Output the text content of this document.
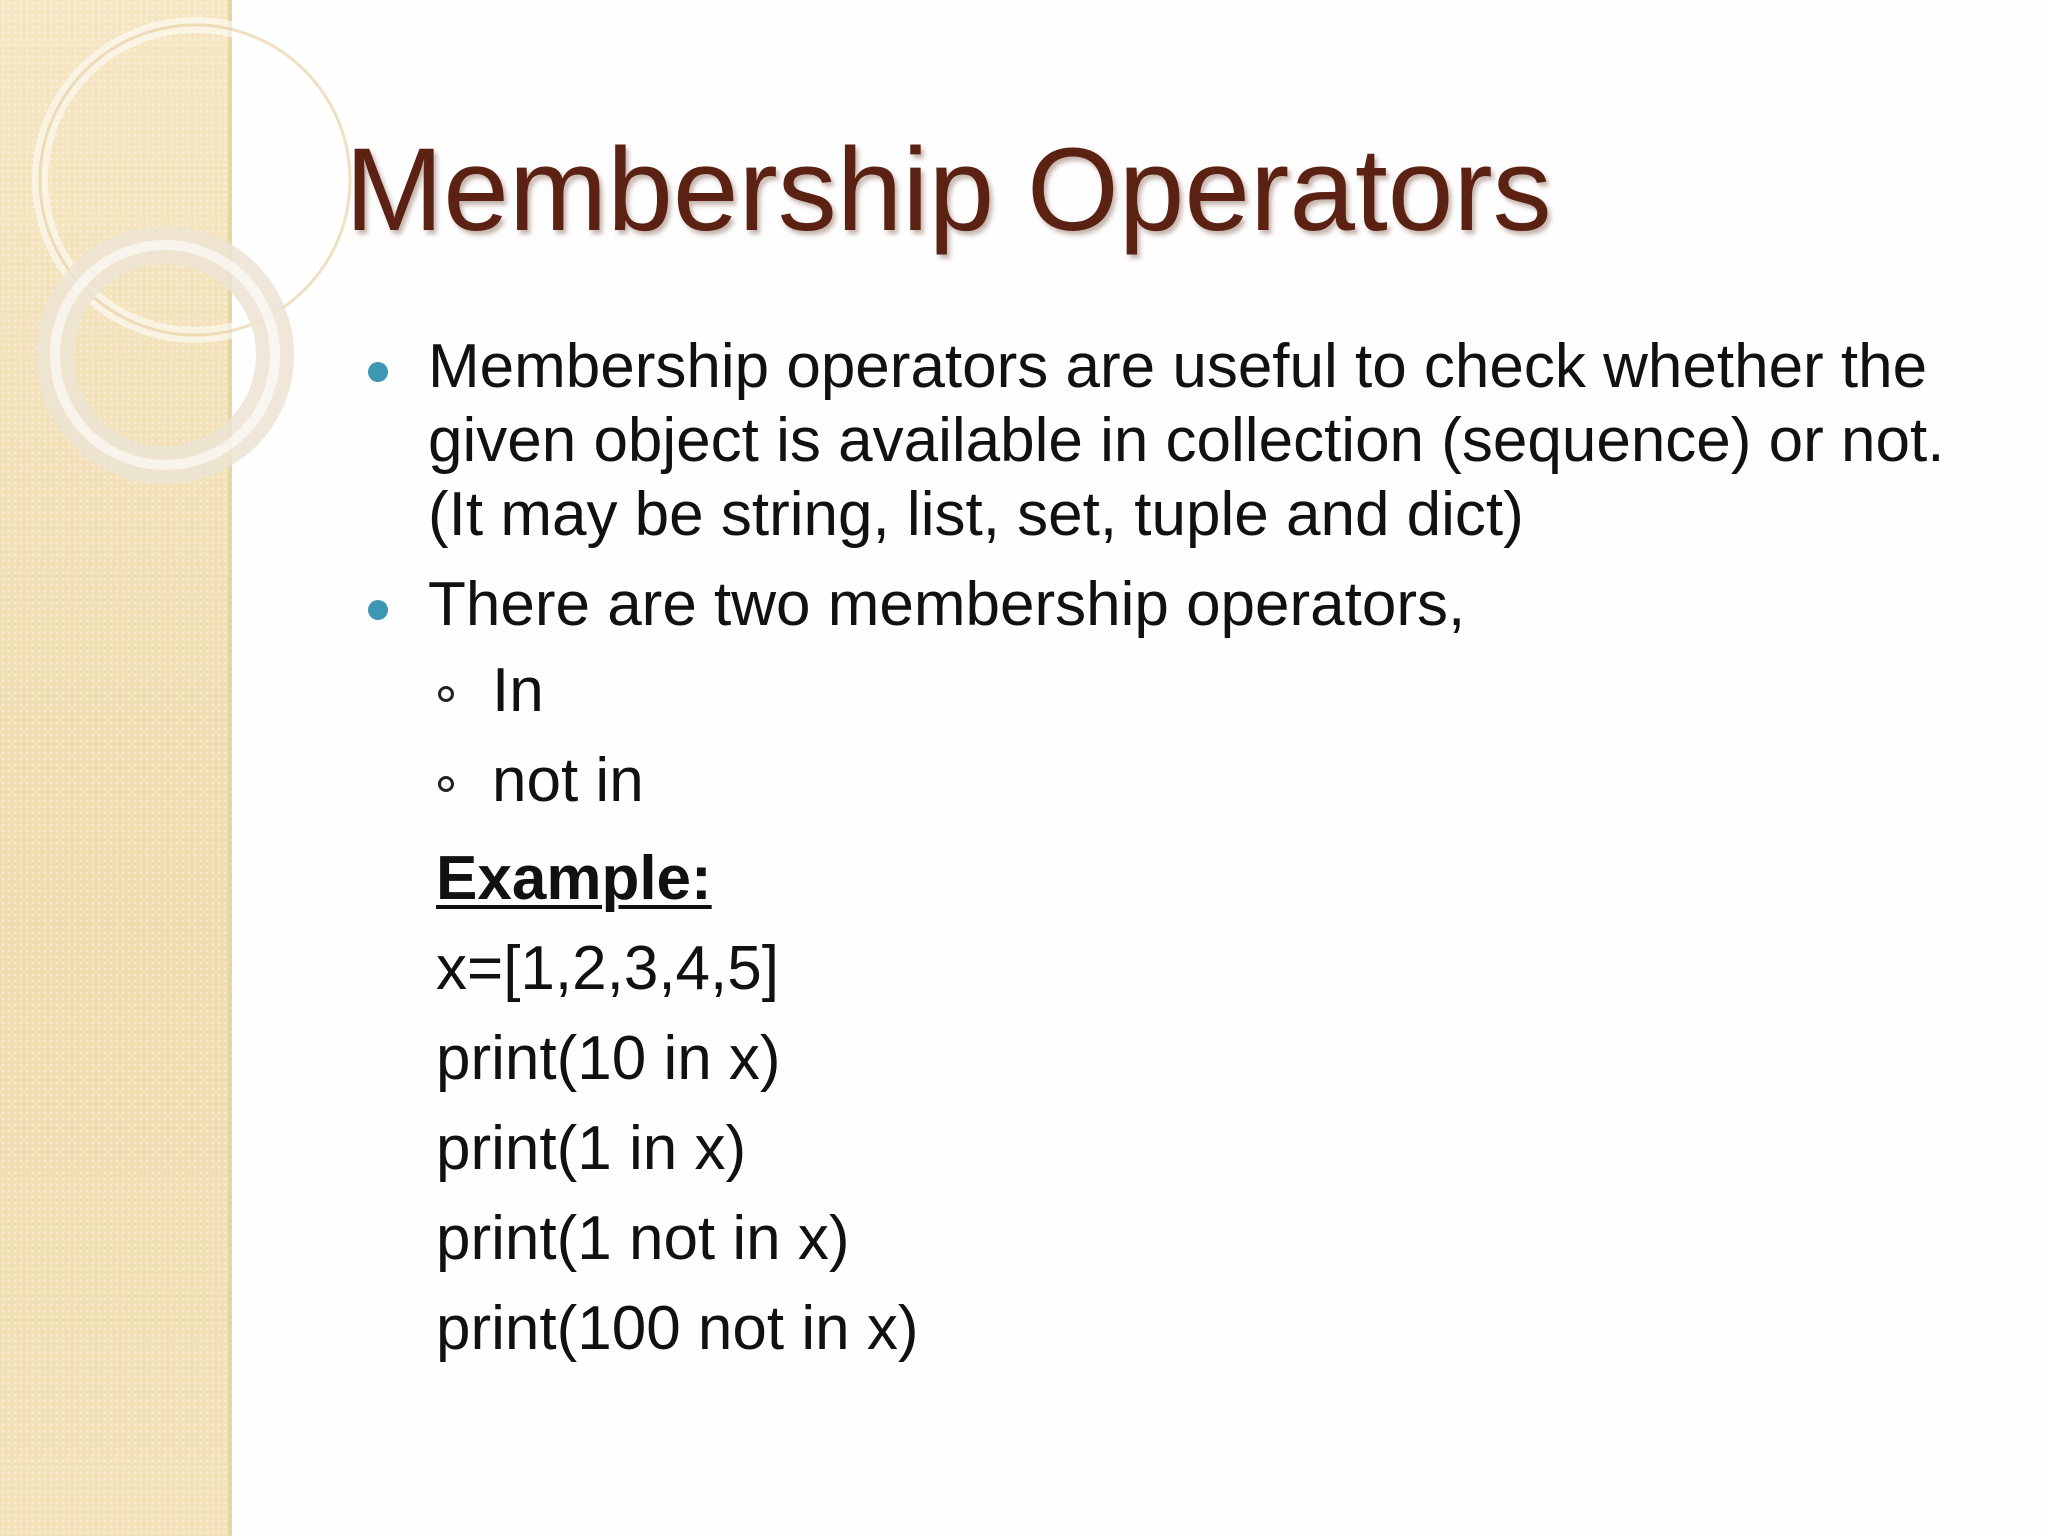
Membership Operators
Membership operators are useful to check whether the given object is available in collection (sequence) or not. (It may be string, list, set, tuple and dict)
There are two membership operators,
In
not in
Example:
x=[1,2,3,4,5]
print(10 in x)
print(1 in x)
print(1 not in x)
print(100 not in x)
